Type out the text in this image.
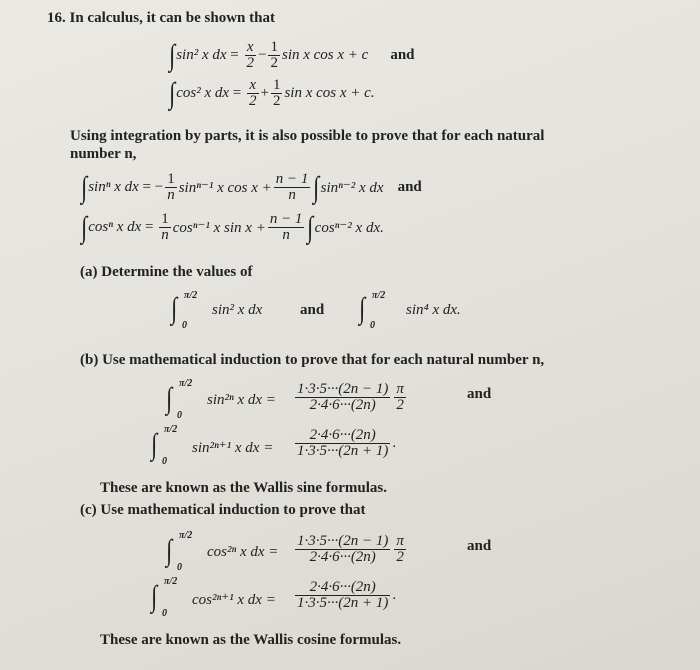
16. In calculus, it can be shown that
∫ sin² x dx = $\frac{x}{2} - \frac{1}{2}$ sin x cos x + c and
∫ cos² x dx = $\frac{x}{2} + \frac{1}{2}$ sin x cos x + c.
Using integration by parts, it is also possible to prove that for each natural
number n,
∫ sinⁿ x dx = − $\frac{1}{n} \sin^{n-1}$ x $\cos x + \frac{n - 1}{n}$ ∫ sinⁿ⁻² x dx and
∫ cosⁿ x dx = $\frac{1}{n} \cos^{n-1}$ x $\sin x + \frac{n - 1}{n}$ ∫ cosⁿ⁻² x dx.
(a) Determine the values of
π/2
0
∫ sin² x dx	and
π/2
0
∫	sin⁴ x dx.
(b) Use mathematical induction to prove that for each natural number n,
π/2
0
∫ sin²ⁿ x dx = $\frac{1\cdot 3\cdot 5\cdot\cdot\cdot(2n - 1)}{2\cdot 4\cdot 6\cdot\cdot\cdot(2n)} \frac{\pi}{2}$	and
π/2
0
∫ sin²ⁿ⁺¹ x dx = $\frac{2\cdot 4\cdot 6\cdot\cdot\cdot(2n)}{1\cdot 3\cdot 5\cdot\cdot\cdot(2n + 1)}$ .
These are known as the Wallis sine formulas.
(c) Use mathematical induction to prove that
π/2
0
∫ cos²ⁿ x dx = $\frac{1\cdot 3\cdot 5\cdot\cdot\cdot(2n - 1)}{2\cdot 4\cdot 6\cdot\cdot\cdot(2n)} \frac{\pi}{2}$	and
π/2
0
∫ cos²ⁿ⁺¹ x dx = $\frac{2\cdot 4\cdot 6\cdot\cdot\cdot(2n)}{1\cdot 3\cdot 5\cdot\cdot\cdot(2n + 1)}$ .
These are known as the Wallis cosine formulas.
